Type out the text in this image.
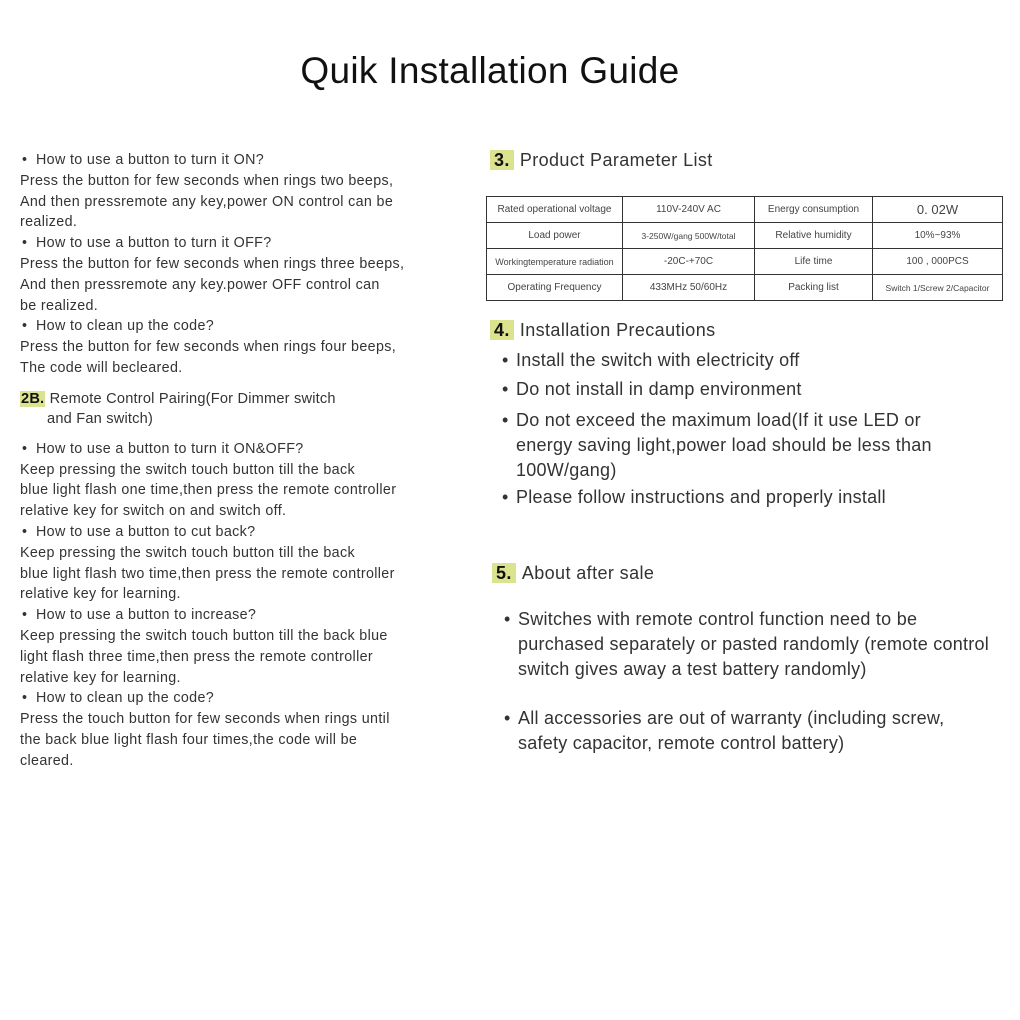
Quik Installation Guide
• How to use a button to turn it ON?
Press the button for few seconds when rings two beeps,
And then pressremote any key,power ON control can be
realized.
• How to use a button to turn it OFF?
Press the button for few seconds when rings three beeps,
And then pressremote any key.power OFF control can
be realized.
• How to clean up the code?
Press the button for few seconds when rings four beeps,
The code will becleared.
2B. Remote Control Pairing(For Dimmer switch
and Fan switch)
• How to use a button to turn it ON&OFF?
Keep pressing the switch touch button till the back
blue light flash one time,then press the remote controller
relative key for switch on and switch off.
• How to use a button to cut back?
Keep pressing the switch touch button till the back
blue light flash two time,then press the remote controller
relative key for learning.
• How to use a button to increase?
Keep pressing the switch touch button till the back blue
light flash three time,then press the remote controller
relative key for learning.
• How to clean up the code?
Press the touch button for few seconds when rings until
the back blue light flash four times,the code will be
cleared.
3. Product Parameter List
Rated operational voltage	110V-240V AC	Energy consumption	0. 02W
Load power	3-250W/gang 500W/total	Relative humidity	10%~93%
Workingtemperature radiation	-20C-+70C	Life time	100 , 000PCS
Operating Frequency	433MHz 50/60Hz	Packing list	Switch 1/Screw 2/Capacitor
4. Installation Precautions
• Install the switch with electricity off
• Do not install in damp environment
• Do not exceed the maximum load(If it use LED or energy saving light,power load should be less than 100W/gang)
• Please follow instructions and properly install
5. About after sale
• Switches with remote control function need to be purchased separately or pasted randomly (remote control switch gives away a test battery randomly)
• All accessories are out of warranty (including screw, safety capacitor, remote control battery)
